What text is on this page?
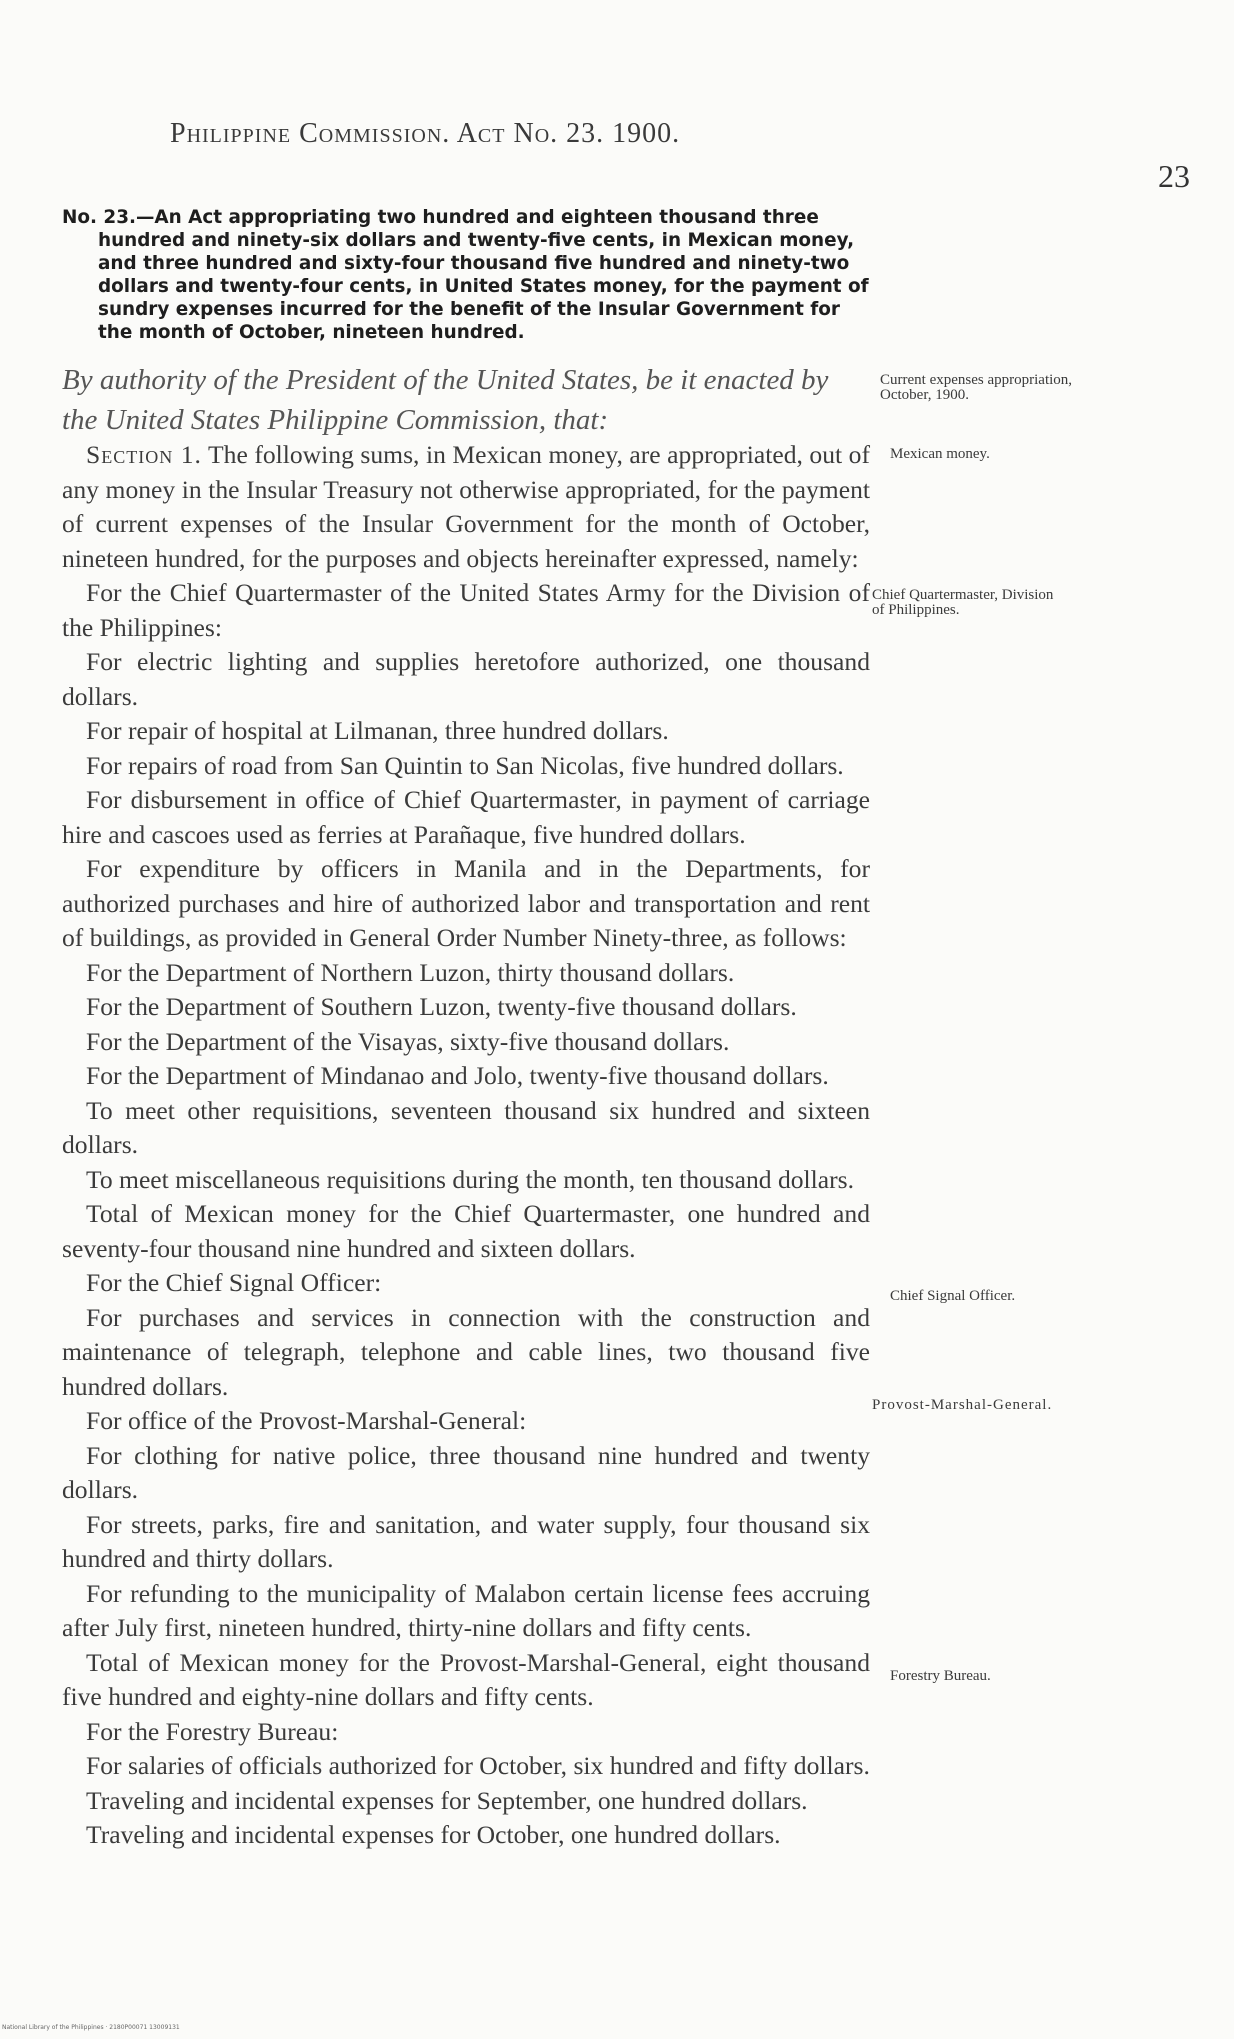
Philippine Commission. Act No. 23. 1900.
23
No. 23.—An Act appropriating two hundred and eighteen thousand three hundred and ninety-six dollars and twenty-five cents, in Mexican money, and three hundred and sixty-four thousand five hundred and ninety-two dollars and twenty-four cents, in United States money, for the payment of sundry expenses incurred for the benefit of the Insular Government for the month of October, nineteen hundred.
By authority of the President of the United States, be it enacted by
the United States Philippine Commission, that:

Section 1. The following sums, in Mexican money, are appropriated, out of any money in the Insular Treasury not otherwise appropriated, for the payment of current expenses of the Insular Government for the month of October, nineteen hundred, for the purposes and objects hereinafter expressed, namely:

For the Chief Quartermaster of the United States Army for the Division of the Philippines:

For electric lighting and supplies heretofore authorized, one thousand dollars.

For repair of hospital at Lilmanan, three hundred dollars.

For repairs of road from San Quintin to San Nicolas, five hundred dollars.

For disbursement in office of Chief Quartermaster, in payment of carriage hire and cascoes used as ferries at Parañaque, five hundred dollars.

For expenditure by officers in Manila and in the Departments, for authorized purchases and hire of authorized labor and transportation and rent of buildings, as provided in General Order Number Ninety-three, as follows:

For the Department of Northern Luzon, thirty thousand dollars.

For the Department of Southern Luzon, twenty-five thousand dollars.

For the Department of the Visayas, sixty-five thousand dollars.

For the Department of Mindanao and Jolo, twenty-five thousand dollars.

To meet other requisitions, seventeen thousand six hundred and sixteen dollars.

To meet miscellaneous requisitions during the month, ten thousand dollars.

Total of Mexican money for the Chief Quartermaster, one hundred and seventy-four thousand nine hundred and sixteen dollars.

For the Chief Signal Officer:

For purchases and services in connection with the construction and maintenance of telegraph, telephone and cable lines, two thousand five hundred dollars.

For office of the Provost-Marshal-General:

For clothing for native police, three thousand nine hundred and twenty dollars.

For streets, parks, fire and sanitation, and water supply, four thousand six hundred and thirty dollars.

For refunding to the municipality of Malabon certain license fees accruing after July first, nineteen hundred, thirty-nine dollars and fifty cents.

Total of Mexican money for the Provost-Marshal-General, eight thousand five hundred and eighty-nine dollars and fifty cents.

For the Forestry Bureau:

For salaries of officials authorized for October, six hundred and fifty dollars.

Traveling and incidental expenses for September, one hundred dollars.

Traveling and incidental expenses for October, one hundred dollars.

Current expenses appropriation, October, 1900.
Mexican money.
Chief Quartermaster, Division of Philippines.
Chief Signal Officer.
Provost-Marshal-General.
Forestry Bureau.
National Library of the Philippines · 2180P00071 13009131
